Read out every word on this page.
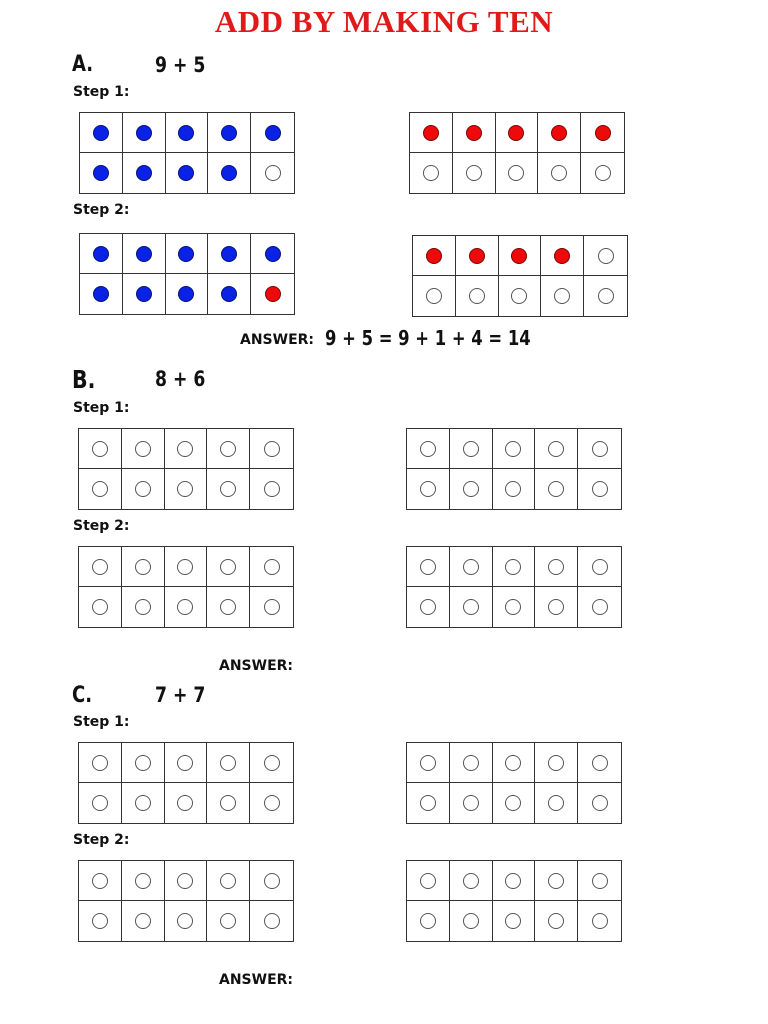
ADD BY MAKING TEN
A.	9 + 5
Step 1:
Step 2:
ANSWER: 9 + 5 = 9 + 1 + 4 = 14
B.	8 + 6
Step 1:
Step 2:
ANSWER:
C.	7 + 7
Step 1:
Step 2:
ANSWER:
